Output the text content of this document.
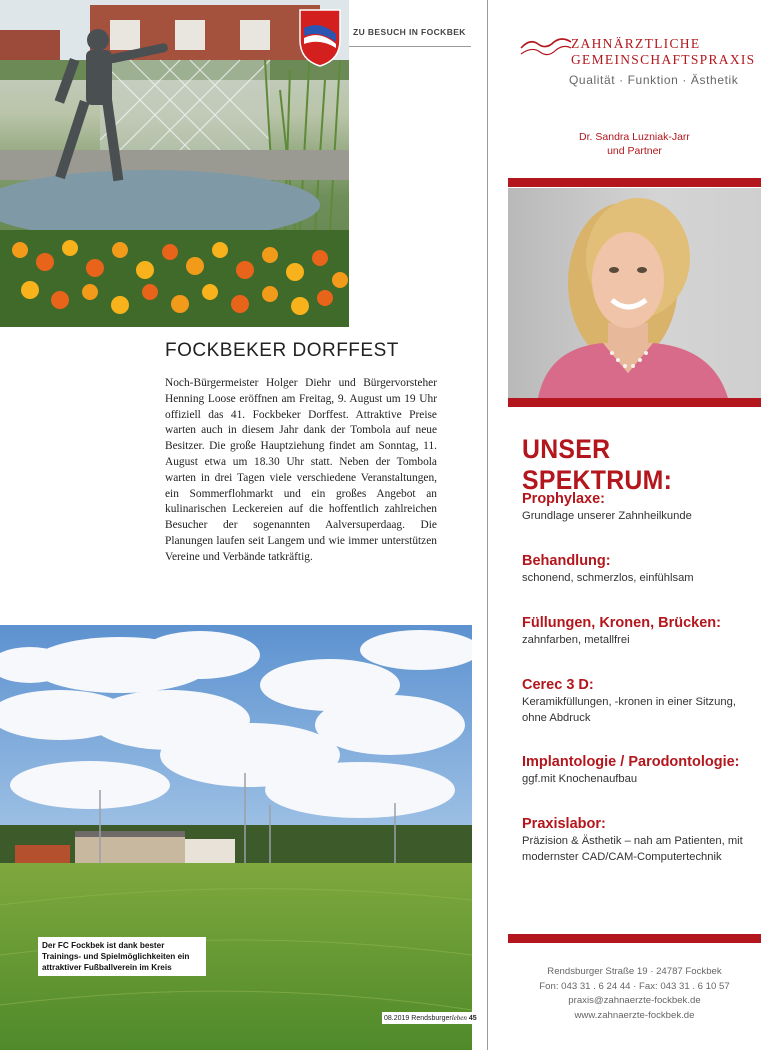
ZU BESUCH IN FOCKBEK
FOCKBEKER DORFFEST

Noch-Bürgermeister Holger Diehr und Bürgervorsteher Henning Loose eröffnen am Freitag, 9. August um 19 Uhr offiziell das 41. Fockbeker Dorffest. Attraktive Preise warten auch in diesem Jahr dank der Tombola auf neue Besitzer. Die große Hauptziehung findet am Sonntag, 11. August etwa um 18.30 Uhr statt. Neben der Tombola warten in drei Tagen viele verschiedene Veranstaltungen, ein Sommerflohmarkt und ein großes Angebot an kulinarischen Leckereien auf die hoffentlich zahlreichen Besucher der sogenannten Aalversuperdaag. Die Planungen laufen seit Langem und wie immer unterstützen Vereine und Verbände tatkräftig.

Der FC Fockbek ist dank bester Trainings- und Spielmöglichkeiten ein attraktiver Fußballverein im Kreis
08.2019 Rendsburgerleben 45
ZAHNÄRZTLICHE
GEMEINSCHAFTSPRAXIS
Qualität · Funktion · Ästhetik
Dr. Sandra Luzniak-Jarr
und Partner
UNSER SPEKTRUM:
Prophylaxe:
Grundlage unserer Zahnheilkunde
Behandlung:
schonend, schmerzlos, einfühlsam
Füllungen, Kronen, Brücken:
zahnfarben, metallfrei
Cerec 3 D:
Keramikfüllungen, -kronen in einer Sitzung,
ohne Abdruck
Implantologie / Parodontologie:
ggf.mit Knochenaufbau
Praxislabor:
Präzision & Ästhetik – nah am Patienten, mit
modernster CAD/CAM-Computertechnik
Rendsburger Straße 19 · 24787 Fockbek
Fon: 043 31 . 6 24 44 · Fax: 043 31 . 6 10 57
praxis@zahnaerzte-fockbek.de
www.zahnaerzte-fockbek.de
